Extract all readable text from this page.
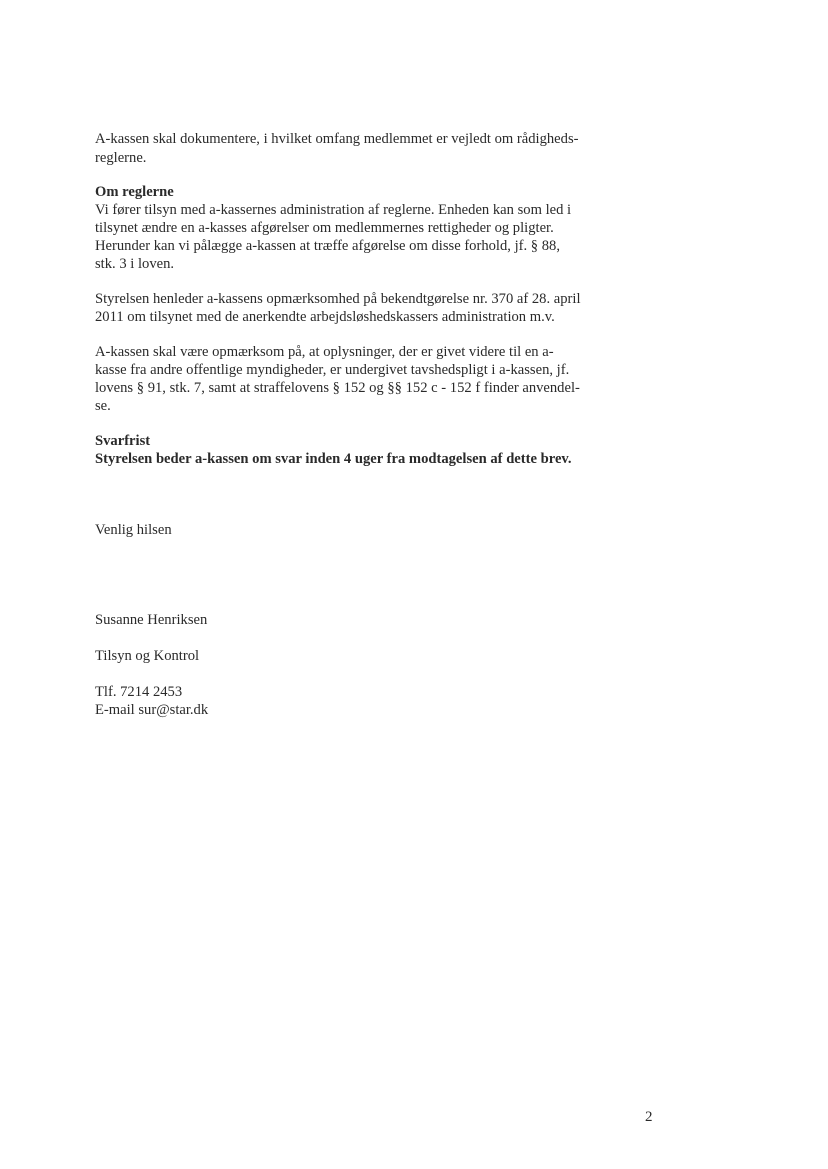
A-kassen skal dokumentere, i hvilket omfang medlemmet er vejledt om rådigheds-

reglerne.

Om reglerne

Vi fører tilsyn med a-kassernes administration af reglerne. Enheden kan som led i

tilsynet ændre en a-kasses afgørelser om medlemmernes rettigheder og pligter.

Herunder kan vi pålægge a-kassen at træffe afgørelse om disse forhold, jf. § 88,

stk. 3 i loven.

Styrelsen henleder a-kassens opmærksomhed på bekendtgørelse nr. 370 af 28. april

2011 om tilsynet med de anerkendte arbejdsløshedskassers administration m.v.

A-kassen skal være opmærksom på, at oplysninger, der er givet videre til en a-

kasse fra andre offentlige myndigheder, er undergivet tavshedspligt i a-kassen, jf.

lovens § 91, stk. 7, samt at straffelovens § 152 og §§ 152 c - 152 f finder anvendel-

se.

Svarfrist

Styrelsen beder a-kassen om svar inden 4 uger fra modtagelsen af dette brev.

Venlig hilsen

Susanne Henriksen

Tilsyn og Kontrol

Tlf. 7214 2453

E-mail sur@star.dk

2
